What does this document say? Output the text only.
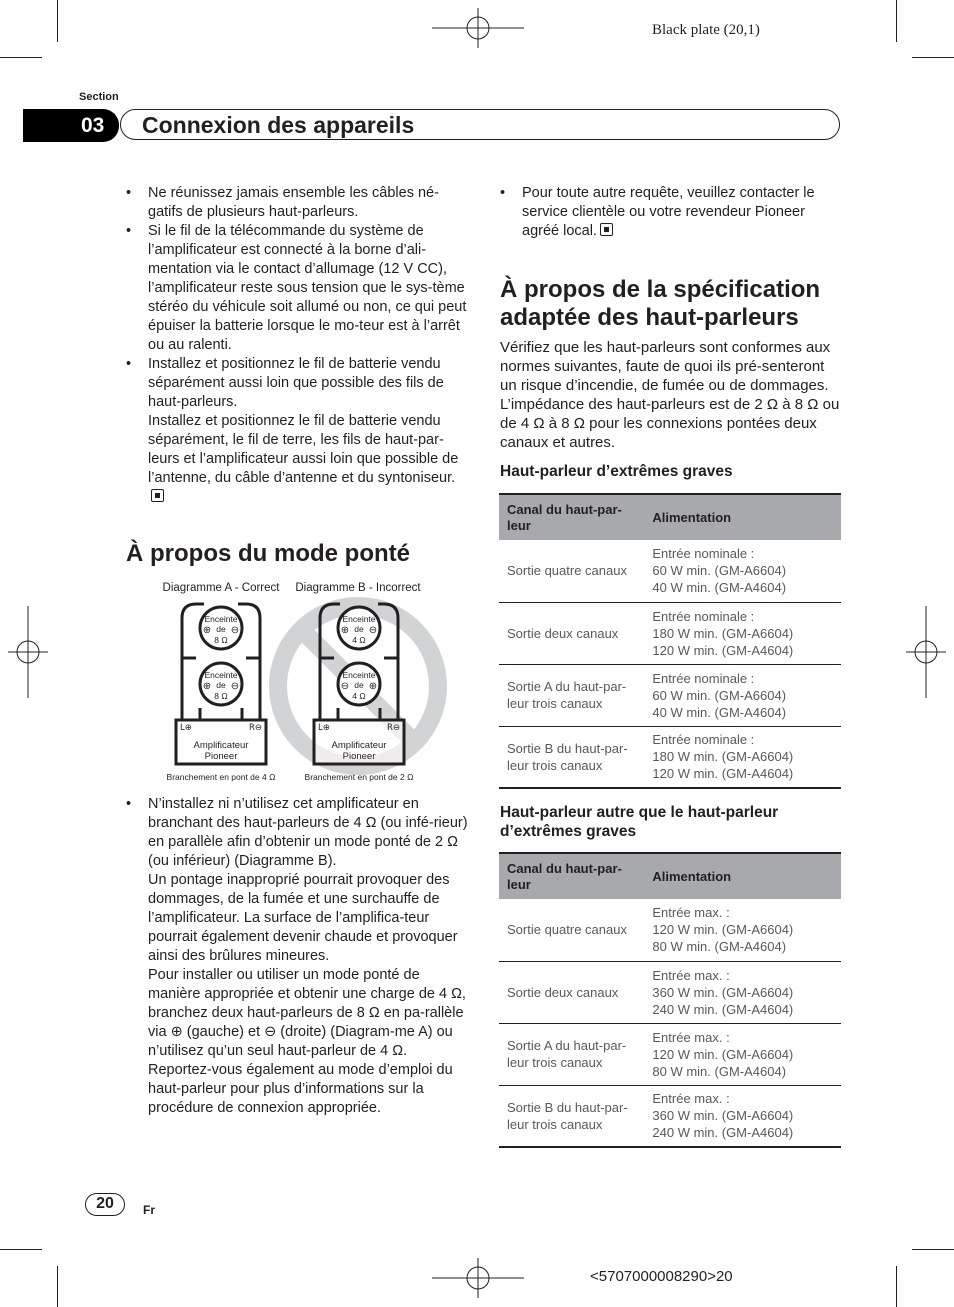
Black plate (20,1)
Section
03	Connexion des appareils
• Ne réunissez jamais ensemble les câbles né-gatifs de plusieurs haut-parleurs.
• Si le fil de la télécommande du système de l’amplificateur est connecté à la borne d’ali-mentation via le contact d’allumage (12 V CC), l’amplificateur reste sous tension que le sys-tème stéréo du véhicule soit allumé ou non, ce qui peut épuiser la batterie lorsque le mo-teur est à l’arrêt ou au ralenti.
• Installez et positionnez le fil de batterie vendu séparément aussi loin que possible des fils de haut-parleurs.

Installez et positionnez le fil de batterie vendu séparément, le fil de terre, les fils de haut-par-leurs et l’amplificateur aussi loin que possible de l’antenne, du câble d’antenne et du syntoniseur.

À propos du mode ponté
Diagramme A - Correct Diagramme B - Incorrect
Enceinte
⊕ de ⊖
8 Ω
Enceinte
⊕ de ⊖
8 Ω
L⊕	R⊖
Amplificateur
Pioneer
Branchement en pont de 4 Ω
Enceinte
⊕ de ⊖
4 Ω
Enceinte
⊖ de ⊕
4 Ω
L⊕	R⊖
Amplificateur
Pioneer
Branchement en pont de 2 Ω
• N’installez ni n’utilisez cet amplificateur en branchant des haut-parleurs de 4 Ω (ou infé-rieur) en parallèle afin d’obtenir un mode ponté de 2 Ω (ou inférieur) (Diagramme B).

Un pontage inapproprié pourrait provoquer des dommages, de la fumée et une surchauffe de l’amplificateur. La surface de l’amplifica-teur pourrait également devenir chaude et provoquer ainsi des brûlures mineures.

Pour installer ou utiliser un mode ponté de manière appropriée et obtenir une charge de 4 Ω, branchez deux haut-parleurs de 8 Ω en pa-rallèle via ⊕ (gauche) et ⊖ (droite) (Diagram-me A) ou n’utilisez qu’un seul haut-parleur de 4 Ω.

Reportez-vous également au mode d’emploi du haut-parleur pour plus d’informations sur la procédure de connexion appropriée.

• Pour toute autre requête, veuillez contacter le service clientèle ou votre revendeur Pioneer agréé local.
À propos de la spécification adaptée des haut-parleurs

Vérifiez que les haut-parleurs sont conformes aux normes suivantes, faute de quoi ils pré-senteront un risque d’incendie, de fumée ou de dommages. L’impédance des haut-parleurs est de 2 Ω à 8 Ω ou de 4 Ω à 8 Ω pour les connexions pontées deux canaux et autres.

Haut-parleur d’extrêmes graves
Canal du haut-par-leur	Alimentation
Sortie quatre canaux	Entrée nominale :
60 W min. (GM-A6604)
40 W min. (GM-A4604)

Sortie deux canaux	Entrée nominale :
180 W min. (GM-A6604)
120 W min. (GM-A4604)

Sortie A du haut-par-leur trois canaux	Entrée nominale :
60 W min. (GM-A6604)
40 W min. (GM-A4604)

Sortie B du haut-par-leur trois canaux	Entrée nominale :
180 W min. (GM-A6604)
120 W min. (GM-A4604)
Haut-parleur autre que le haut-parleur d’extrêmes graves
Canal du haut-par-leur	Alimentation
Sortie quatre canaux	Entrée max. :
120 W min. (GM-A6604)
80 W min. (GM-A4604)

Sortie deux canaux	Entrée max. :
360 W min. (GM-A6604)
240 W min. (GM-A4604)

Sortie A du haut-par-leur trois canaux	Entrée max. :
120 W min. (GM-A6604)
80 W min. (GM-A4604)

Sortie B du haut-par-leur trois canaux	Entrée max. :
360 W min. (GM-A6604)
240 W min. (GM-A4604)
20	Fr
<5707000008290>20
